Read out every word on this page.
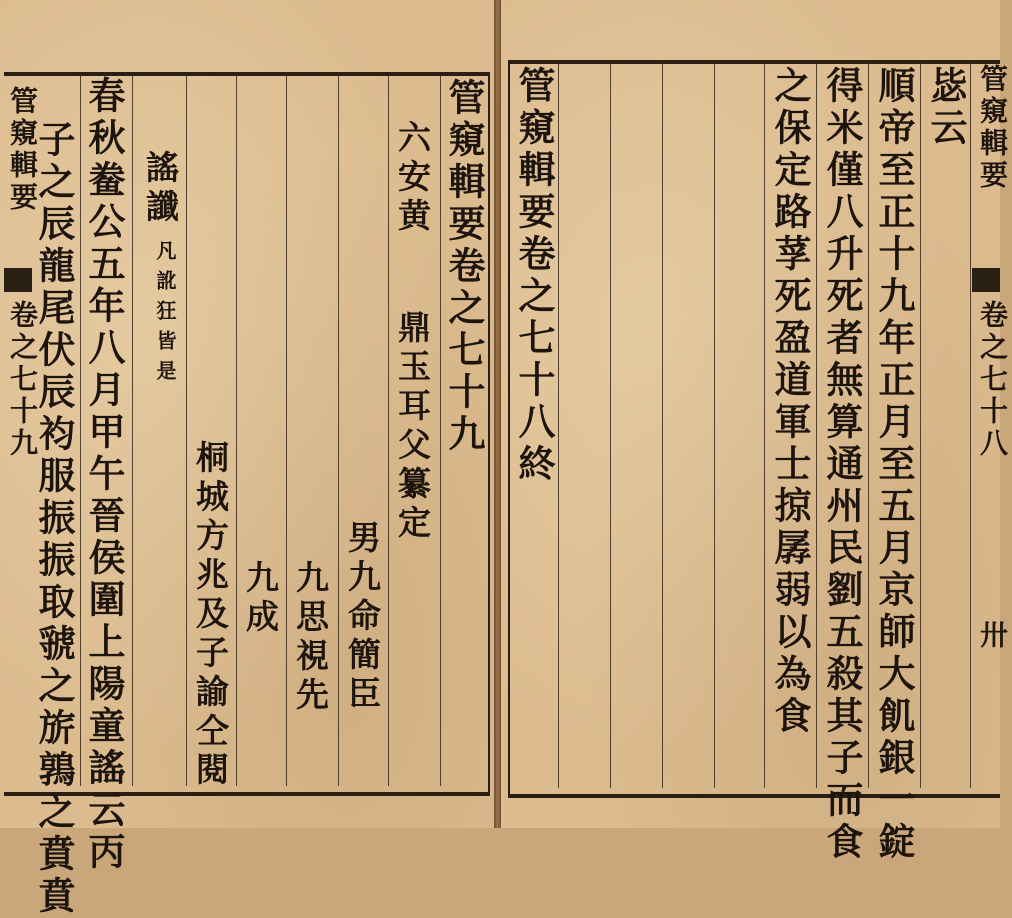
管窺輯要
卷之七十九 春秋鲞公五年八月甲午晉侯圍上陽童謠云丙
子之辰龍尾伏辰袀服振振取虢之旂鶉之賁賁 謠讖
凡訛狂皆是
桐城方兆及子諭仝閱 九成 九思視先 男九命簡臣
六安黄
鼎玉耳父纂定 管窺輯要卷之七十九 管窺輯要卷之七十八終	之保定路莩死盈道軍士掠孱弱以為食 得米僅八升死者無算通州民劉五殺其子而食 順帝至正十九年正月至五月京師大飢銀一錠 毖云 管窺輯要
卷之七十八
卅
